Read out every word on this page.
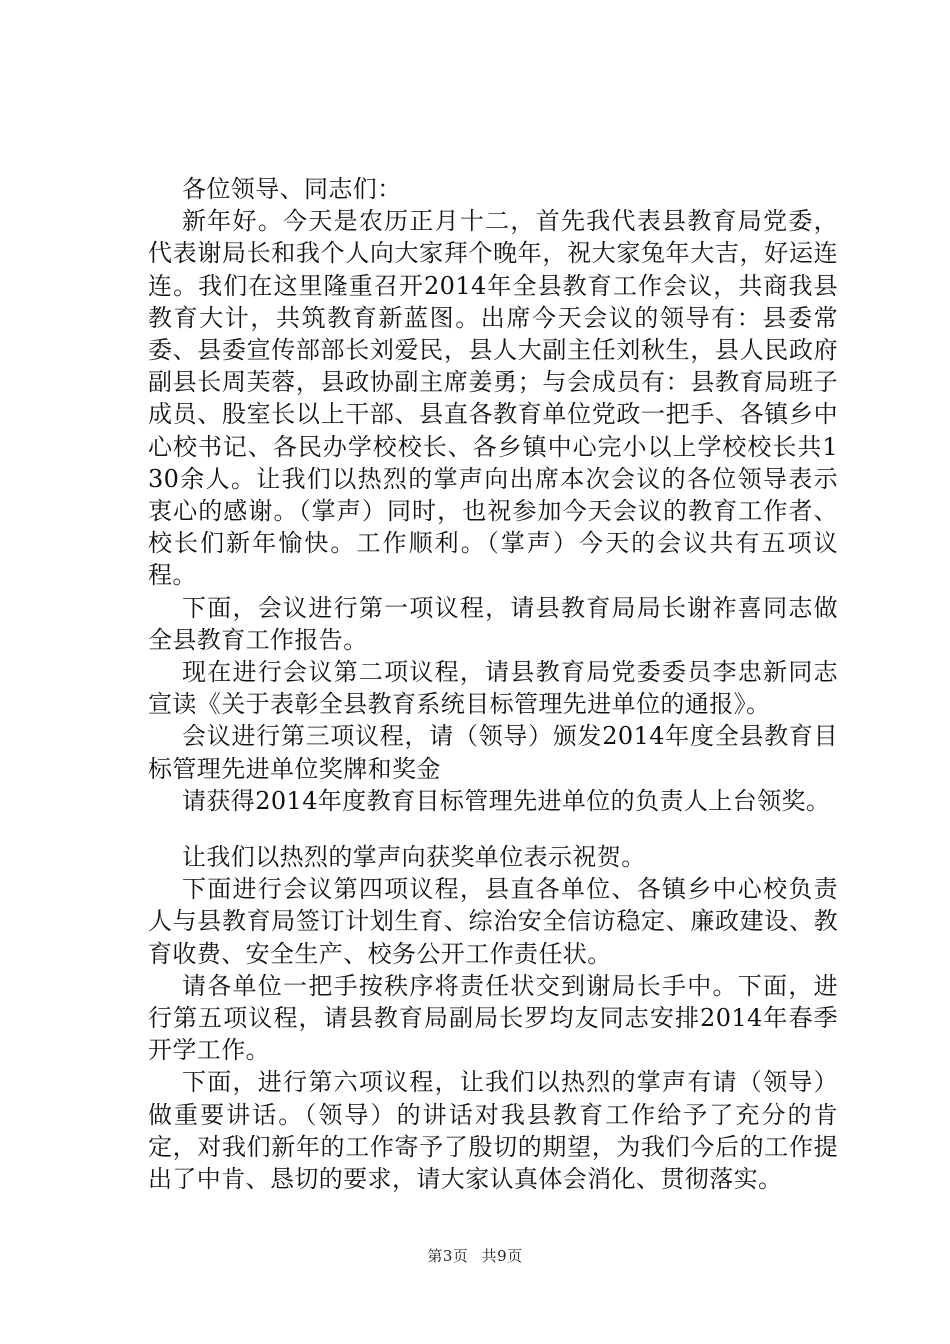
各位领导、同志们：

新年好。今天是农历正月十二，首先我代表县教育局党委，代表谢局长和我个人向大家拜个晚年，祝大家兔年大吉，好运连连。我们在这里隆重召开2014年全县教育工作会议，共商我县教育大计，共筑教育新蓝图。出席今天会议的领导有：县委常委、县委宣传部部长刘爱民，县人大副主任刘秋生，县人民政府副县长周芙蓉，县政协副主席姜勇；与会成员有：县教育局班子成员、股室长以上干部、县直各教育单位党政一把手、各镇乡中心校书记、各民办学校校长、各乡镇中心完小以上学校校长共130余人。让我们以热烈的掌声向出席本次会议的各位领导表示衷心的感谢。（掌声）同时，也祝参加今天会议的教育工作者、校长们新年愉快。工作顺利。（掌声）今天的会议共有五项议程。

下面，会议进行第一项议程，请县教育局局长谢祚喜同志做全县教育工作报告。

现在进行会议第二项议程，请县教育局党委委员李忠新同志宣读《关于表彰全县教育系统目标管理先进单位的通报》。

会议进行第三项议程，请（领导）颁发2014年度全县教育目标管理先进单位奖牌和奖金

请获得2014年度教育目标管理先进单位的负责人上台领奖。

让我们以热烈的掌声向获奖单位表示祝贺。

下面进行会议第四项议程，县直各单位、各镇乡中心校负责人与县教育局签订计划生育、综治安全信访稳定、廉政建设、教育收费、安全生产、校务公开工作责任状。

请各单位一把手按秩序将责任状交到谢局长手中。下面，进行第五项议程，请县教育局副局长罗均友同志安排2014年春季开学工作。

下面，进行第六项议程，让我们以热烈的掌声有请（领导）做重要讲话。（领导）的讲话对我县教育工作给予了充分的肯定，对我们新年的工作寄予了殷切的期望，为我们今后的工作提出了中肯、恳切的要求，请大家认真体会消化、贯彻落实。

第3页 共9页
